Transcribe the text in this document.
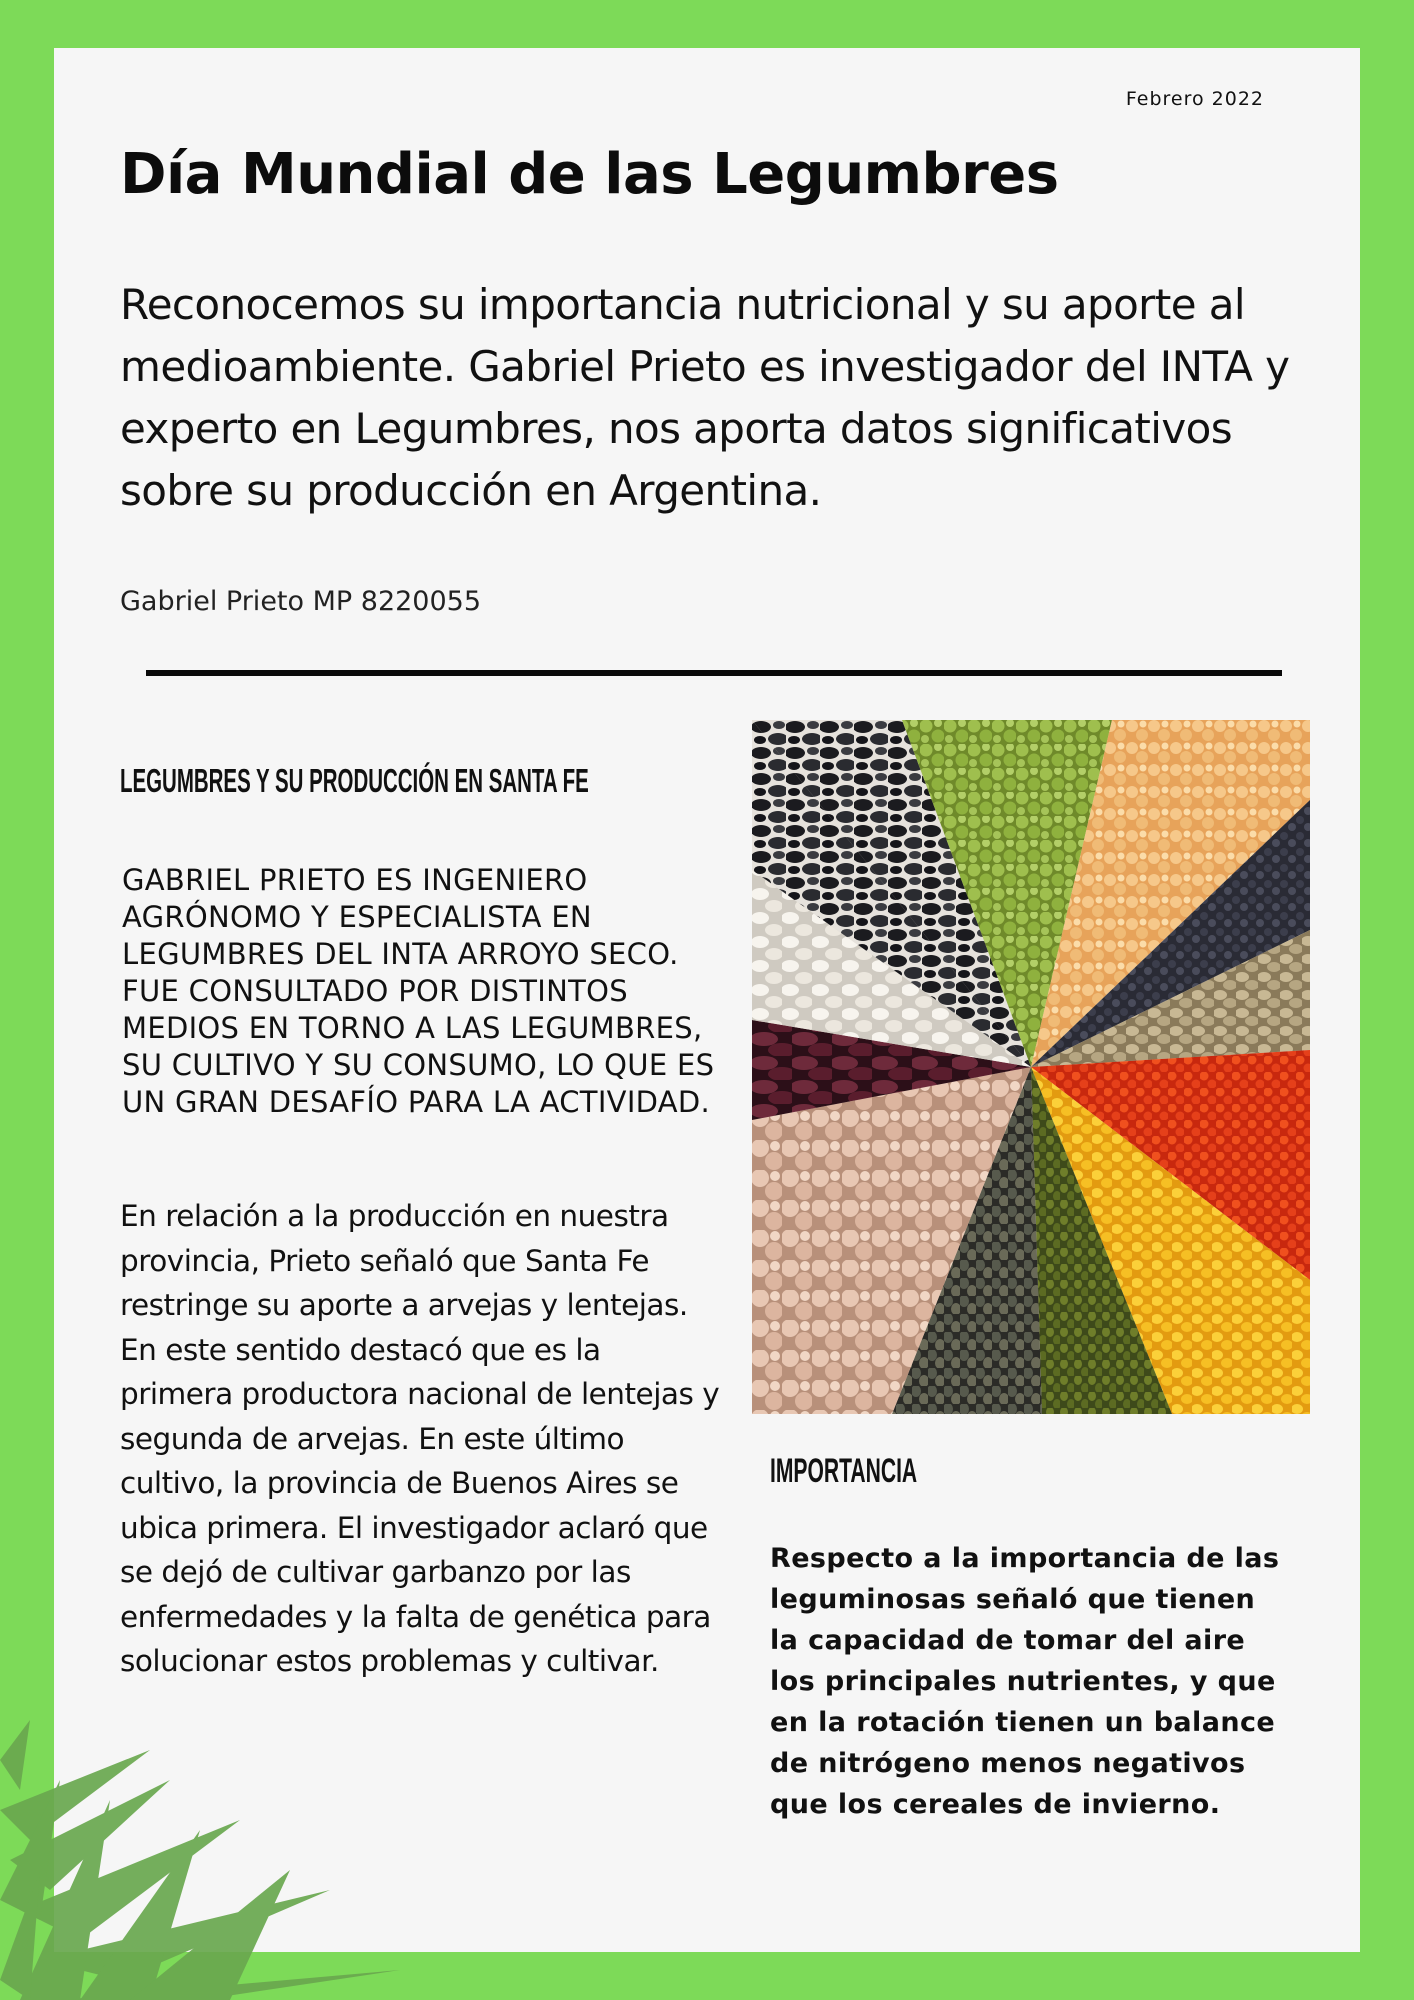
Febrero 2022
Día Mundial de las Legumbres

Reconocemos su importancia nutricional y su aporte al medioambiente. Gabriel Prieto es investigador del INTA y experto en Legumbres, nos aporta datos significativos sobre su producción en Argentina.

Gabriel Prieto MP 8220055
LEGUMBRES Y SU PRODUCCIÓN EN SANTA FE

GABRIEL PRIETO ES INGENIERO AGRÓNOMO Y ESPECIALISTA EN LEGUMBRES DEL INTA ARROYO SECO. FUE CONSULTADO POR DISTINTOS MEDIOS EN TORNO A LAS LEGUMBRES, SU CULTIVO Y SU CONSUMO, LO QUE ES UN GRAN DESAFÍO PARA LA ACTIVIDAD.

En relación a la producción en nuestra provincia, Prieto señaló que Santa Fe restringe su aporte a arvejas y lentejas. En este sentido destacó que es la primera productora nacional de lentejas y segunda de arvejas. En este último cultivo, la provincia de Buenos Aires se ubica primera. El investigador aclaró que se dejó de cultivar garbanzo por las enfermedades y la falta de genética para solucionar estos problemas y cultivar.

IMPORTANCIA

Respecto a la importancia de las leguminosas señaló que tienen la capacidad de tomar del aire los principales nutrientes, y que en la rotación tienen un balance de nitrógeno menos negativos que los cereales de invierno.
